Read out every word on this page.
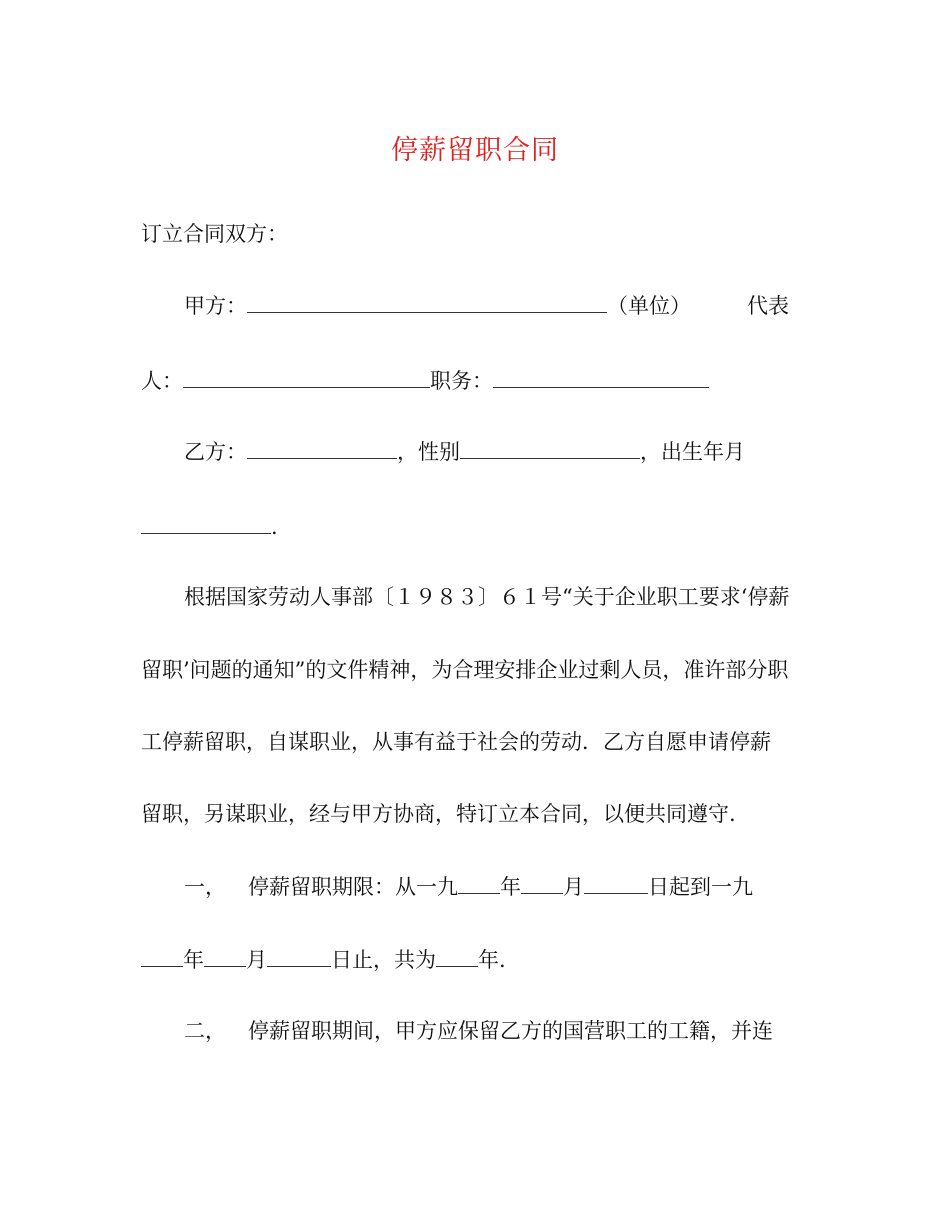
停薪留职合同

订立合同双方：

甲方：	（单位）	代表

人：	职务：

乙方：	，性别	，出生年月

.

根据国家劳动人事部〔１９８３〕６１号“关于企业职工要求‘停薪

留职’问题的通知”的文件精神，为合理安排企业过剩人员，准许部分职

工停薪留职，自谋职业，从事有益于社会的劳动．乙方自愿申请停薪

留职，另谋职业，经与甲方协商，特订立本合同，以便共同遵守.

一， 停薪留职期限：从一九 年 月	日起到一九

年 月	日止，共为 年.

二， 停薪留职期间，甲方应保留乙方的国营职工的工籍，并连
